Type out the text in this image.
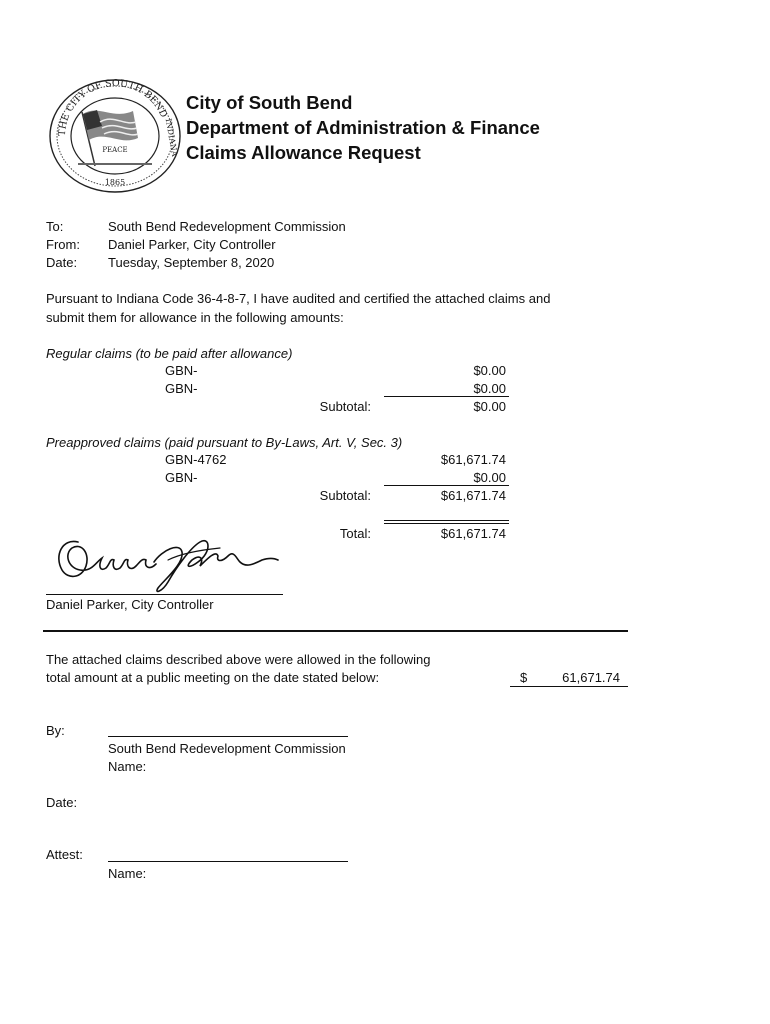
THE CITY OF SOUTH BEND
INDIANA
PEACE
1865
City of South Bend
Department of Administration & Finance
Claims Allowance Request
To:	South Bend Redevelopment Commission
From: Daniel Parker, City Controller
Date: Tuesday, September 8, 2020
Pursuant to Indiana Code 36-4-8-7, I have audited and certified the attached claims and
submit them for allowance in the following amounts:
Regular claims (to be paid after allowance)
GBN-	$0.00
GBN-	$0.00
Subtotal:	$0.00
Preapproved claims (paid pursuant to By-Laws, Art. V, Sec. 3)
GBN-4762	$61,671.74
GBN-	$0.00
Subtotal:	$61,671.74
Total:	$61,671.74
Daniel Parker, City Controller
The attached claims described above were allowed in the following
total amount at a public meeting on the date stated below:	$	61,671.74
By:
South Bend Redevelopment Commission
Name:
Date:
Attest:
Name:
